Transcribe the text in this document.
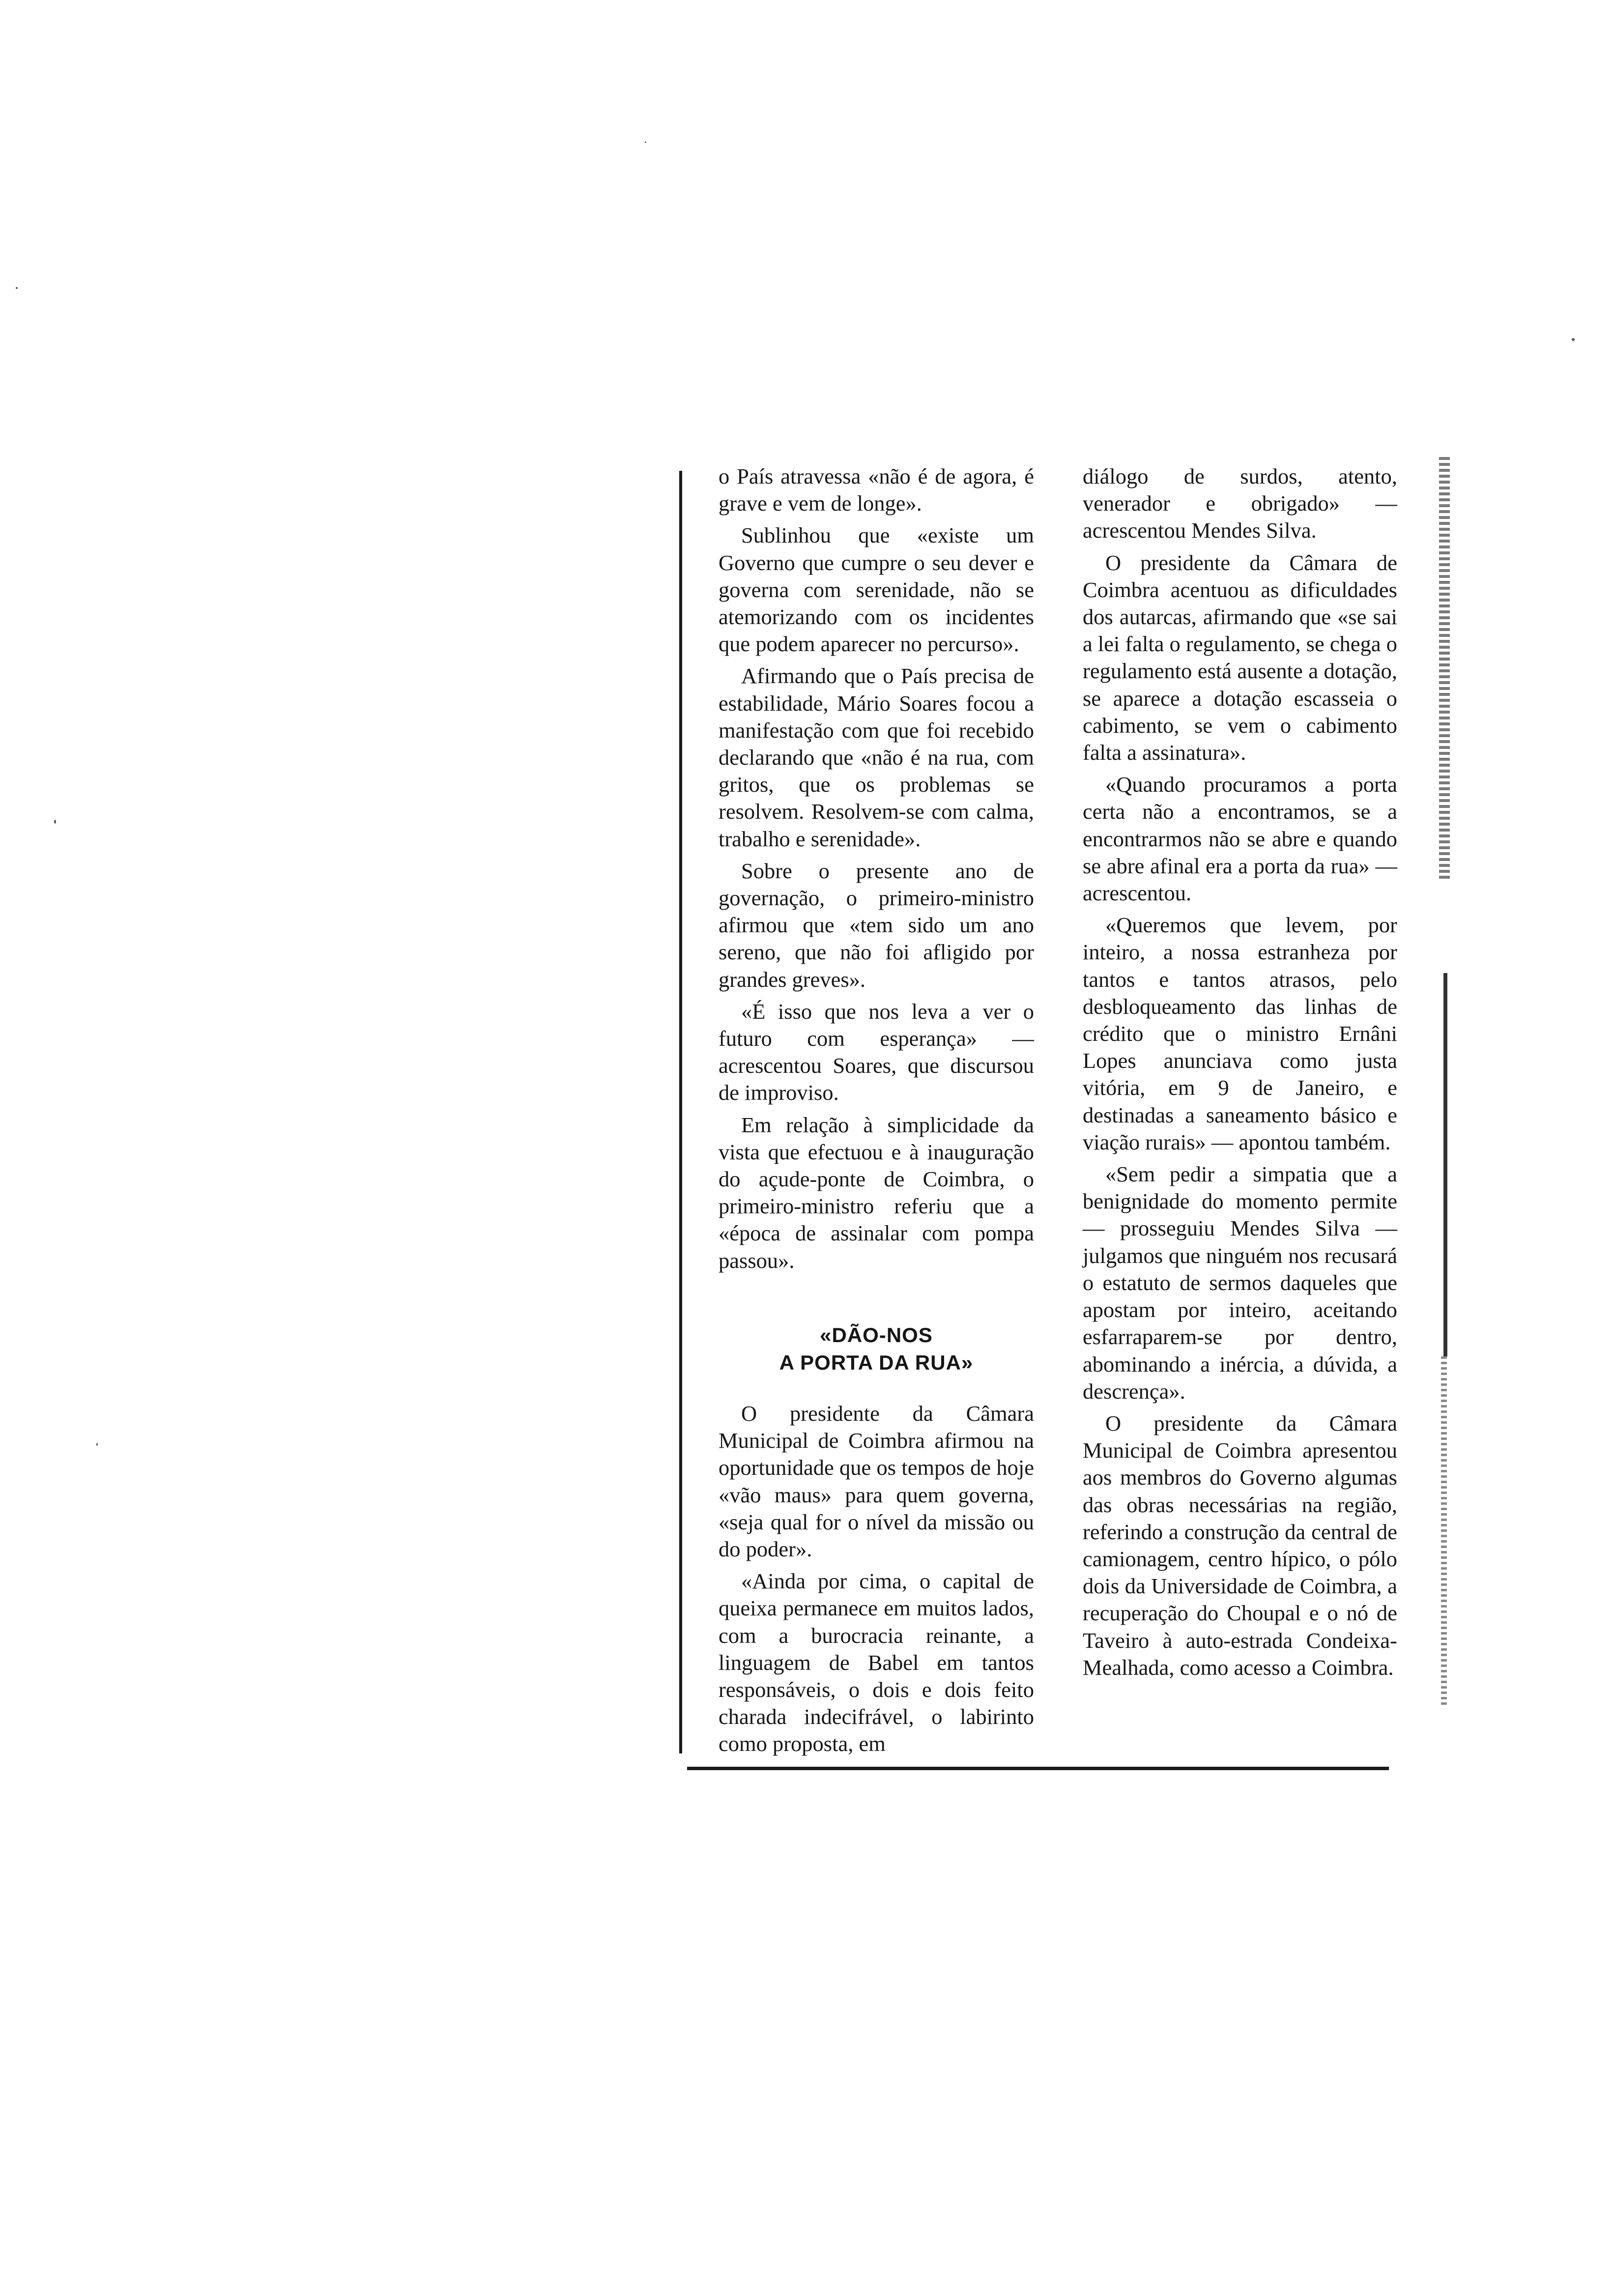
o País atravessa «não é de agora, é grave e vem de longe».

Sublinhou que «existe um Governo que cumpre o seu dever e governa com serenidade, não se atemorizando com os incidentes que podem aparecer no percurso».

Afirmando que o País precisa de estabilidade, Mário Soares focou a manifestação com que foi recebido declarando que «não é na rua, com gritos, que os problemas se resolvem. Resolvem-se com calma, trabalho e serenidade».

Sobre o presente ano de governação, o primeiro-ministro afirmou que «tem sido um ano sereno, que não foi afligido por grandes greves».

«É isso que nos leva a ver o futuro com esperança» — acrescentou Soares, que discursou de improviso.

Em relação à simplicidade da vista que efectuou e à inauguração do açude-ponte de Coimbra, o primeiro-ministro referiu que a «época de assinalar com pompa passou».

«DÃO-NOS
A PORTA DA RUA»

O presidente da Câmara Municipal de Coimbra afirmou na oportunidade que os tempos de hoje «vão maus» para quem governa, «seja qual for o nível da missão ou do poder».

«Ainda por cima, o capital de queixa permanece em muitos lados, com a burocracia reinante, a linguagem de Babel em tantos responsáveis, o dois e dois feito charada indecifrável, o labirinto como proposta, em

diálogo de surdos, atento, venerador e obrigado» — acrescentou Mendes Silva.

O presidente da Câmara de Coimbra acentuou as dificuldades dos autarcas, afirmando que «se sai a lei falta o regulamento, se chega o regulamento está ausente a dotação, se aparece a dotação escasseia o cabimento, se vem o cabimento falta a assinatura».

«Quando procuramos a porta certa não a encontramos, se a encontrarmos não se abre e quando se abre afinal era a porta da rua» — acrescentou.

«Queremos que levem, por inteiro, a nossa estranheza por tantos e tantos atrasos, pelo desbloqueamento das linhas de crédito que o ministro Ernâni Lopes anunciava como justa vitória, em 9 de Janeiro, e destinadas a saneamento básico e viação rurais» — apontou também.

«Sem pedir a simpatia que a benignidade do momento permite — prosseguiu Mendes Silva — julgamos que ninguém nos recusará o estatuto de sermos daqueles que apostam por inteiro, aceitando esfarraparem-se por dentro, abominando a inércia, a dúvida, a descrença».

O presidente da Câmara Municipal de Coimbra apresentou aos membros do Governo algumas das obras necessárias na região, referindo a construção da central de camionagem, centro hípico, o pólo dois da Universidade de Coimbra, a recuperação do Choupal e o nó de Taveiro à auto-estrada Condeixa-Mealhada, como acesso a Coimbra.
